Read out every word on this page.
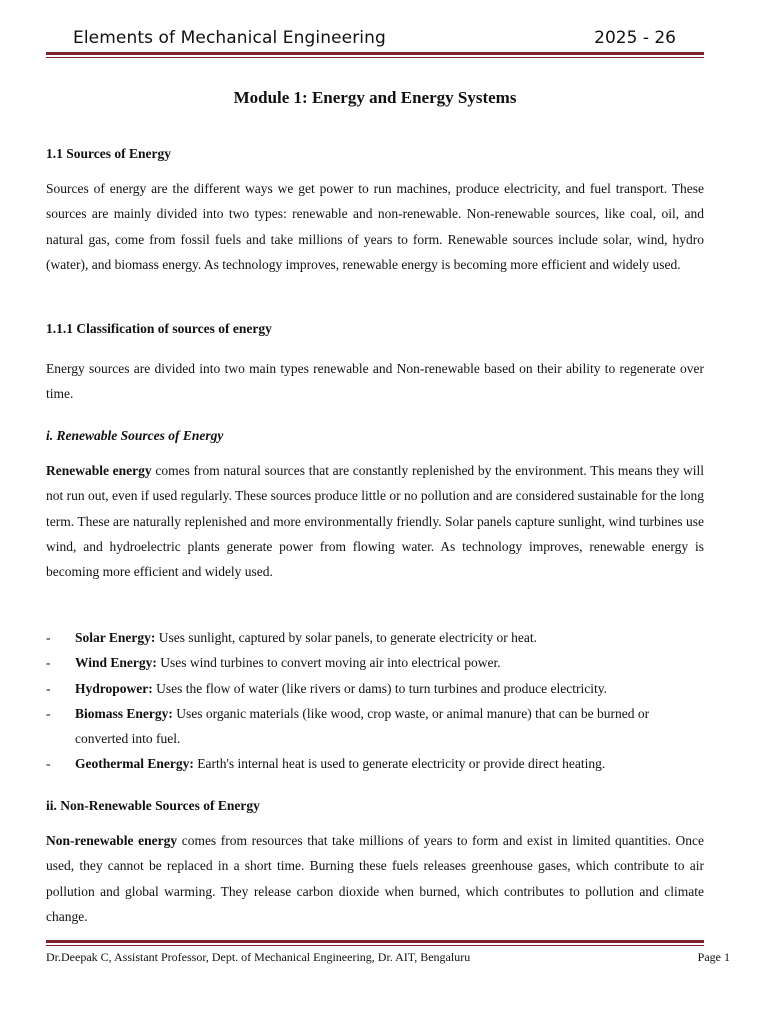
Elements of Mechanical Engineering	2025 - 26
Module 1: Energy and Energy Systems
1.1 Sources of Energy

Sources of energy are the different ways we get power to run machines, produce electricity, and fuel transport. These sources are mainly divided into two types: renewable and non-renewable. Non-renewable sources, like coal, oil, and natural gas, come from fossil fuels and take millions of years to form. Renewable sources include solar, wind, hydro (water), and biomass energy. As technology improves, renewable energy is becoming more efficient and widely used.

1.1.1 Classification of sources of energy

Energy sources are divided into two main types renewable and Non-renewable based on their ability to regenerate over time.

i. Renewable Sources of Energy

Renewable energy comes from natural sources that are constantly replenished by the environment. This means they will not run out, even if used regularly. These sources produce little or no pollution and are considered sustainable for the long term. These are naturally replenished and more environmentally friendly. Solar panels capture sunlight, wind turbines use wind, and hydroelectric plants generate power from flowing water. As technology improves, renewable energy is becoming more efficient and widely used.

- Solar Energy: Uses sunlight, captured by solar panels, to generate electricity or heat.
- Wind Energy: Uses wind turbines to convert moving air into electrical power.
- Hydropower: Uses the flow of water (like rivers or dams) to turn turbines and produce electricity.
- Biomass Energy: Uses organic materials (like wood, crop waste, or animal manure) that can be burned or converted into fuel.
- Geothermal Energy: Earth's internal heat is used to generate electricity or provide direct heating.
ii. Non-Renewable Sources of Energy

Non-renewable energy comes from resources that take millions of years to form and exist in limited quantities. Once used, they cannot be replaced in a short time. Burning these fuels releases greenhouse gases, which contribute to air pollution and global warming. They release carbon dioxide when burned, which contributes to pollution and climate change.

Dr.Deepak C, Assistant Professor, Dept. of Mechanical Engineering, Dr. AIT, Bengaluru	Page 1
